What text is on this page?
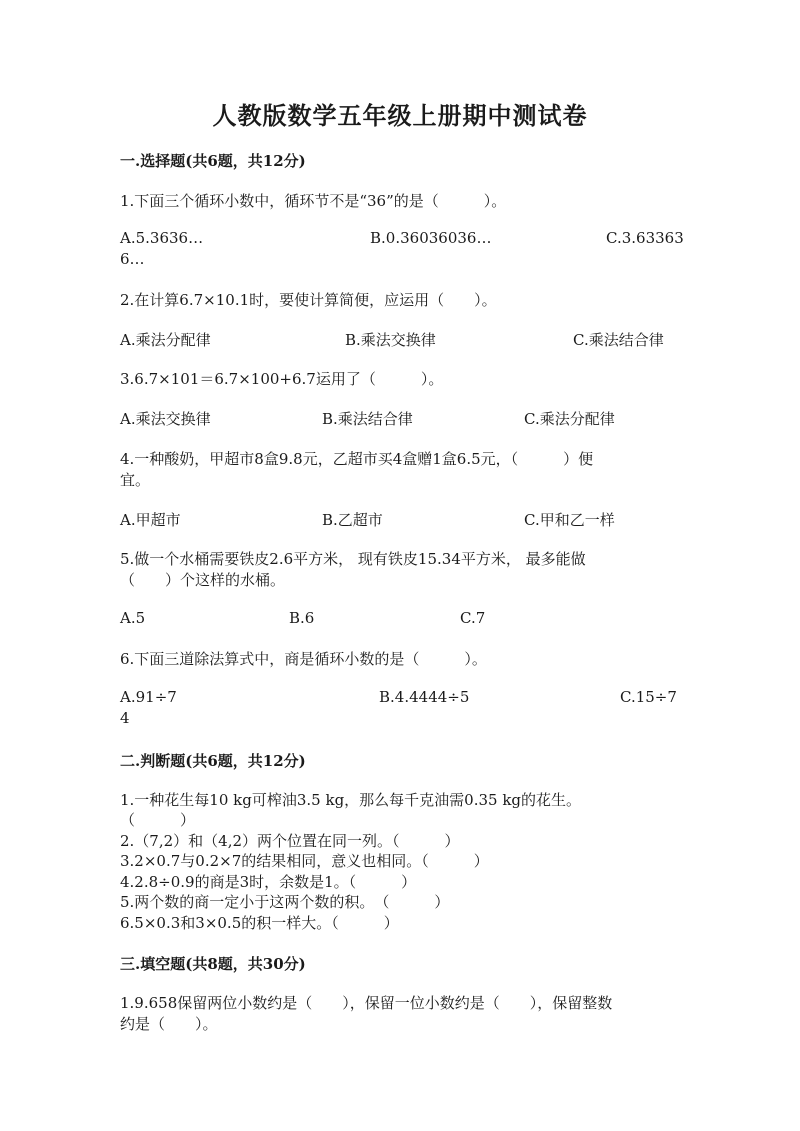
人教版数学五年级上册期中测试卷
一.选择题(共6题，共12分)
1.下面三个循环小数中，循环节不是“36”的是（　　　）。
A.5.3636…	B.0.36036036…	C.3.63363
6…
2.在计算6.7×10.1时，要使计算简便，应运用（　　）。
A.乘法分配律	B.乘法交换律	C.乘法结合律
3.6.7×101＝6.7×100+6.7运用了（　　　）。
A.乘法交换律	B.乘法结合律	C.乘法分配律
4.一种酸奶，甲超市8盒9.8元，乙超市买4盒赠1盒6.5元，（　　　）便
宜。
A.甲超市	B.乙超市	C.甲和乙一样
5.做一个水桶需要铁皮2.6平方米， 现有铁皮15.34平方米， 最多能做
（　　）个这样的水桶。
A.5	B.6	C.7
6.下面三道除法算式中，商是循环小数的是（　　　）。
A.91÷7	B.4.4444÷5	C.15÷7
4
二.判断题(共6题，共12分)
1.一种花生每10 kg可榨油3.5 kg，那么每千克油需0.35 kg的花生。
（　　　）
2.（7,2）和（4,2）两个位置在同一列。（　　　）
3.2×0.7与0.2×7的结果相同，意义也相同。（　　　）
4.2.8÷0.9的商是3时，余数是1。（　　　）
5.两个数的商一定小于这两个数的积。　（　　　）
6.5×0.3和3×0.5的积一样大。（　　　）
三.填空题(共8题，共30分)
1.9.658保留两位小数约是（　　），保留一位小数约是（　　），保留整数
约是（　　）。
